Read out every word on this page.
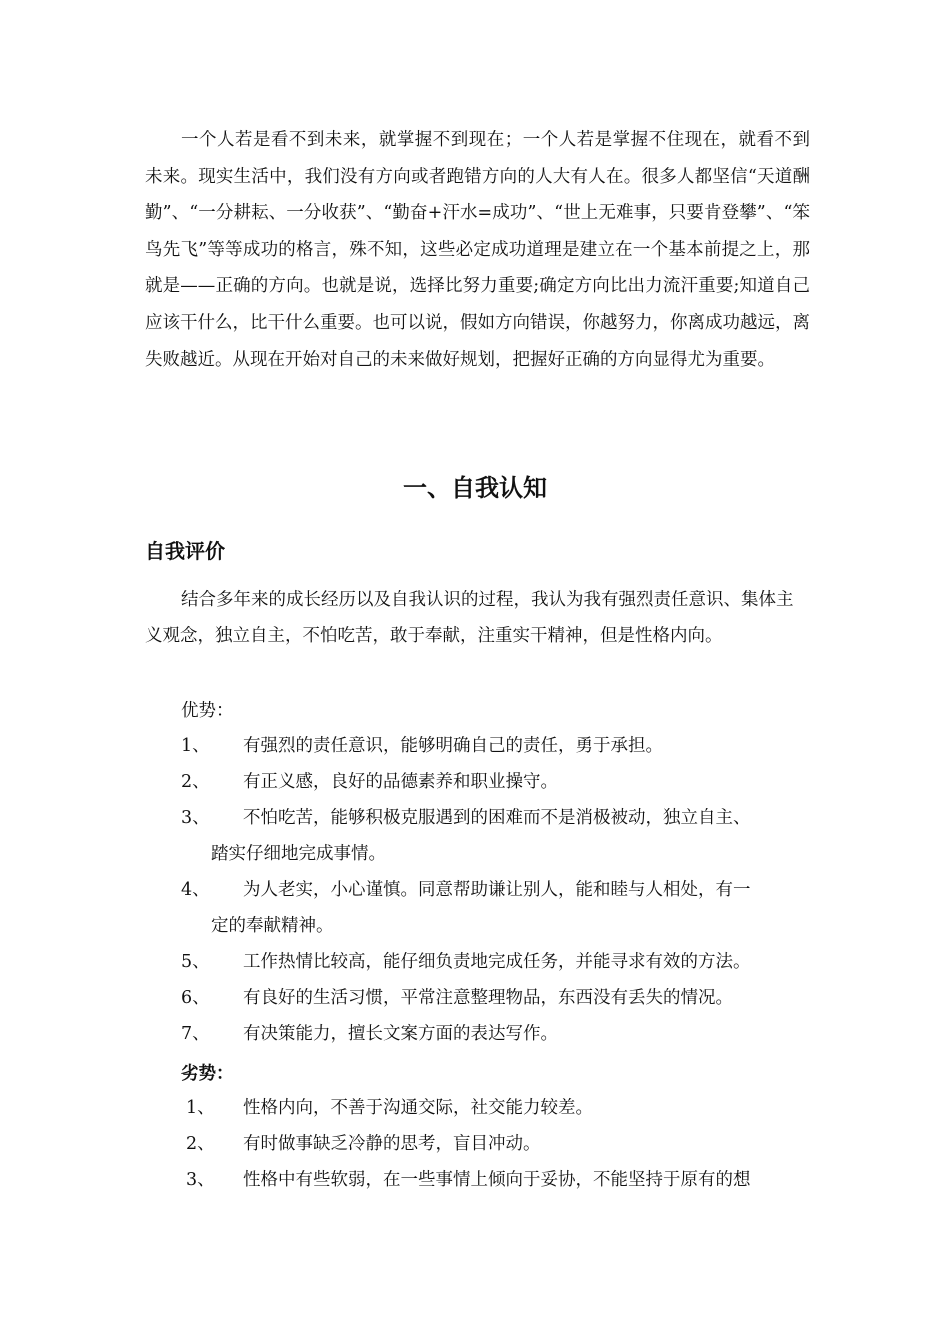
一个人若是看不到未来，就掌握不到现在；一个人若是掌握不住现在，就看不到未来。现实生活中，我们没有方向或者跑错方向的人大有人在。很多人都坚信“天道酬勤”、“一分耕耘、一分收获”、“勤奋+汗水=成功”、“世上无难事，只要肯登攀”、“笨鸟先飞”等等成功的格言，殊不知，这些必定成功道理是建立在一个基本前提之上，那就是——正确的方向。也就是说，选择比努力重要;确定方向比出力流汗重要;知道自己应该干什么，比干什么重要。也可以说，假如方向错误，你越努力，你离成功越远，离失败越近。从现在开始对自己的未来做好规划，把握好正确的方向显得尤为重要。

一、自我认知
自我评价

结合多年来的成长经历以及自我认识的过程，我认为我有强烈责任意识、集体主义观念，独立自主，不怕吃苦，敢于奉献，注重实干精神，但是性格内向。

优势：
1、 有强烈的责任意识，能够明确自己的责任，勇于承担。
2、 有正义感，良好的品德素养和职业操守。
3、 不怕吃苦，能够积极克服遇到的困难而不是消极被动，独立自主、
踏实仔细地完成事情。
4、 为人老实，小心谨慎。同意帮助谦让别人，能和睦与人相处，有一
定的奉献精神。
5、 工作热情比较高，能仔细负责地完成任务，并能寻求有效的方法。
6、 有良好的生活习惯，平常注意整理物品，东西没有丢失的情况。
7、 有决策能力，擅长文案方面的表达写作。
劣势：
1、 性格内向，不善于沟通交际，社交能力较差。
2、 有时做事缺乏冷静的思考，盲目冲动。
3、 性格中有些软弱，在一些事情上倾向于妥协，不能坚持于原有的想
